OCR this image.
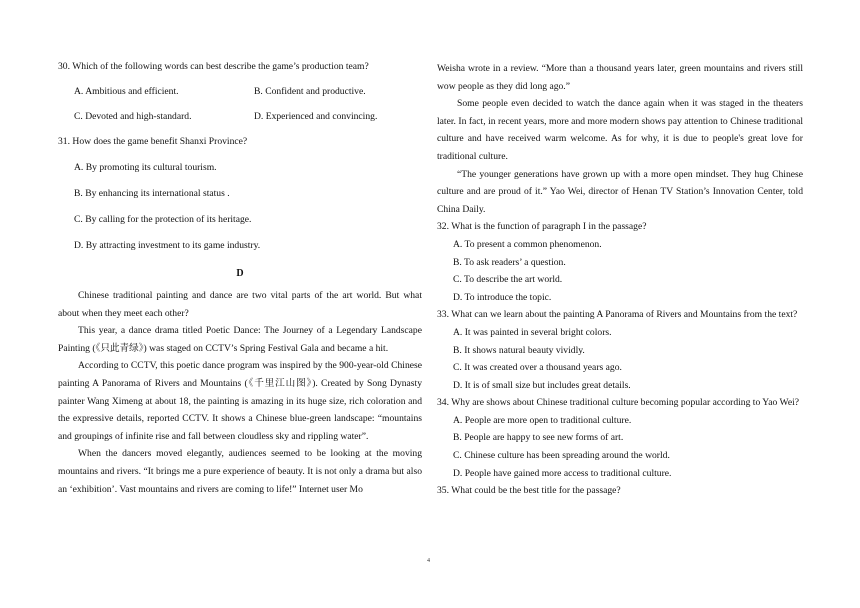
30. Which of the following words can best describe the game’s production team?
A. Ambitious and efficient.	B. Confident and productive.
C. Devoted and high-standard.	D. Experienced and convincing.
31. How does the game benefit Shanxi Province?
A. By promoting its cultural tourism.
B. By enhancing its international status .
C. By calling for the protection of its heritage.
D. By attracting investment to its game industry.
D

Chinese traditional painting and dance are two vital parts of the art world. But what about when they meet each other?

This year, a dance drama titled Poetic Dance: The Journey of a Legendary Landscape Painting (《只此青绿》) was staged on CCTV’s Spring Festival Gala and became a hit.

According to CCTV, this poetic dance program was inspired by the 900-year-old Chinese painting A Panorama of Rivers and Mountains (《千里江山图》). Created by Song Dynasty painter Wang Ximeng at about 18, the painting is amazing in its huge size, rich coloration and the expressive details, reported CCTV. It shows a Chinese blue-green landscape: “mountains and groupings of infinite rise and fall between cloudless sky and rippling water”.

When the dancers moved elegantly, audiences seemed to be looking at the moving mountains and rivers. “It brings me a pure experience of beauty. It is not only a drama but also an ‘exhibition’. Vast mountains and rivers are coming to life!” Internet user Mo

Weisha wrote in a review. “More than a thousand years later, green mountains and rivers still wow people as they did long ago.”

Some people even decided to watch the dance again when it was staged in the theaters later. In fact, in recent years, more and more modern shows pay attention to Chinese traditional culture and have received warm welcome. As for why, it is due to people's great love for traditional culture.

“The younger generations have grown up with a more open mindset. They hug Chinese culture and are proud of it.” Yao Wei, director of Henan TV Station’s Innovation Center, told China Daily.

32. What is the function of paragraph I in the passage?

A. To present a common phenomenon.

B. To ask readers’ a question.

C. To describe the art world.

D. To introduce the topic.

33. What can we learn about the painting A Panorama of Rivers and Mountains from the text?

A. It was painted in several bright colors.

B. It shows natural beauty vividly.

C. It was created over a thousand years ago.

D. It is of small size but includes great details.

34. Why are shows about Chinese traditional culture becoming popular according to Yao Wei?

A. People are more open to traditional culture.

B. People are happy to see new forms of art.

C. Chinese culture has been spreading around the world.

D. People have gained more access to traditional culture.

35. What could be the best title for the passage?

4
